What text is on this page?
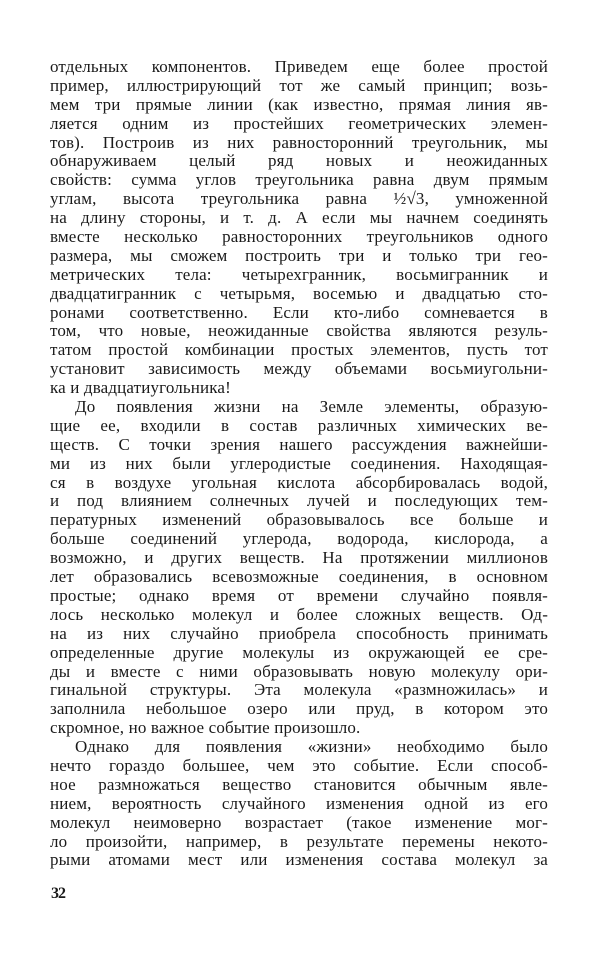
отдельных компонентов. Приведем еще более простой
пример, иллюстрирующий тот же самый принцип; возь-
мем три прямые линии (как известно, прямая линия яв-
ляется одним из простейших геометрических элемен-
тов). Построив из них равносторонний треугольник, мы
обнаруживаем целый ряд новых и неожиданных
свойств: сумма углов треугольника равна двум прямым
углам, высота треугольника равна ½√3, умноженной
на длину стороны, и т. д. А если мы начнем соединять
вместе несколько равносторонних треугольников одного
размера, мы сможем построить три и только три гео-
метрических тела: четырехгранник, восьмигранник и
двадцатигранник с четырьмя, восемью и двадцатью сто-
ронами соответственно. Если кто-либо сомневается в
том, что новые, неожиданные свойства являются резуль-
татом простой комбинации простых элементов, пусть тот
установит зависимость между объемами восьмиугольни-
ка и двадцатиугольника!
До появления жизни на Земле элементы, образую-
щие ее, входили в состав различных химических ве-
ществ. С точки зрения нашего рассуждения важнейши-
ми из них были углеродистые соединения. Находящая-
ся в воздухе угольная кислота абсорбировалась водой,
и под влиянием солнечных лучей и последующих тем-
пературных изменений образовывалось все больше и
больше соединений углерода, водорода, кислорода, а
возможно, и других веществ. На протяжении миллионов
лет образовались всевозможные соединения, в основном
простые; однако время от времени случайно появля-
лось несколько молекул и более сложных веществ. Од-
на из них случайно приобрела способность принимать
определенные другие молекулы из окружающей ее сре-
ды и вместе с ними образовывать новую молекулу ори-
гинальной структуры. Эта молекула «размножилась» и
заполнила небольшое озеро или пруд, в котором это
скромное, но важное событие произошло.
Однако для появления «жизни» необходимо было
нечто гораздо большее, чем это событие. Если способ-
ное размножаться вещество становится обычным явле-
нием, вероятность случайного изменения одной из его
молекул неимоверно возрастает (такое изменение мог-
ло произойти, например, в результате перемены некото-
рыми атомами мест или изменения состава молекул за
32
